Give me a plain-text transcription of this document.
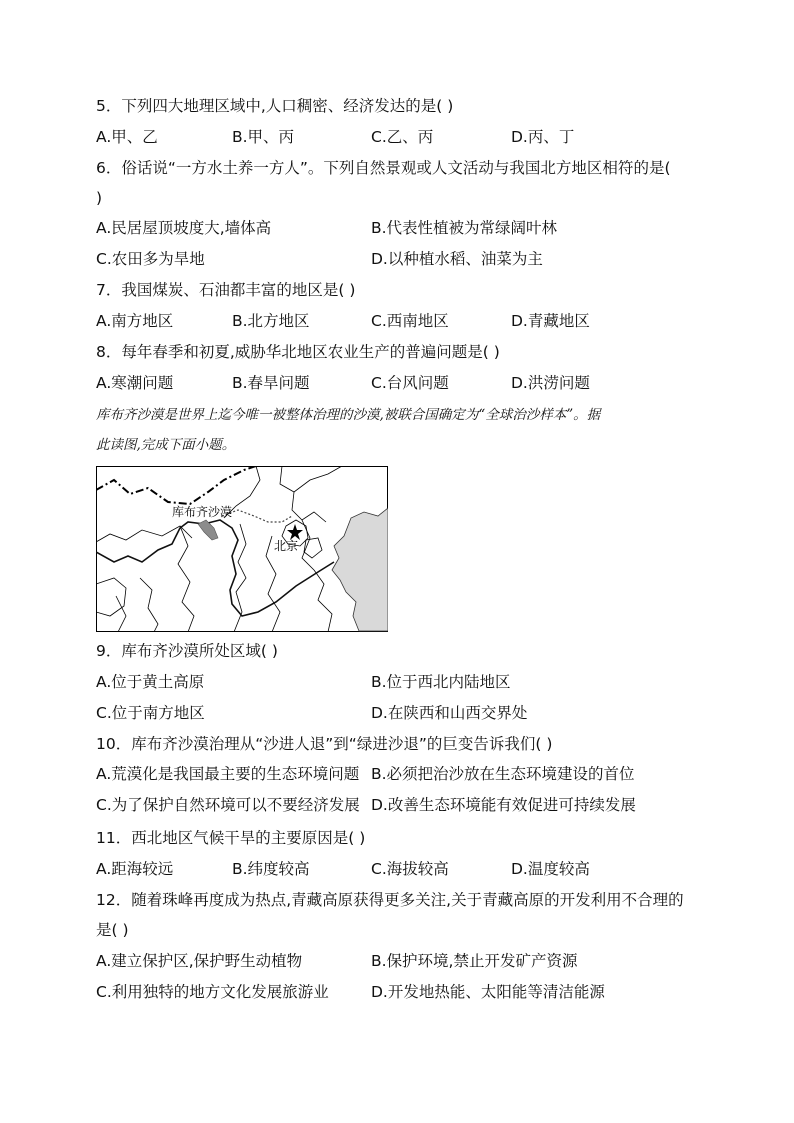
5．下列四大地理区域中,人口稠密、经济发达的是( )
A.甲、乙	B.甲、丙	C.乙、丙	D.丙、丁
6．俗话说“一方水土养一方人”。下列自然景观或人文活动与我国北方地区相符的是(
)
A.民居屋顶坡度大,墙体高	B.代表性植被为常绿阔叶林
C.农田多为旱地	D.以种植水稻、油菜为主
7．我国煤炭、石油都丰富的地区是( )
A.南方地区	B.北方地区	C.西南地区	D.青藏地区
8．每年春季和初夏,威胁华北地区农业生产的普遍问题是( )
A.寒潮问题	B.春旱问题	C.台风问题	D.洪涝问题
库布齐沙漠是世界上迄今唯一被整体治理的沙漠,被联合国确定为“全球治沙样本”。据
此读图,完成下面小题。
库布齐沙漠
北京
9．库布齐沙漠所处区域( )
A.位于黄土高原	B.位于西北内陆地区
C.位于南方地区	D.在陕西和山西交界处
10．库布齐沙漠治理从“沙进人退”到“绿进沙退”的巨变告诉我们( )
A.荒漠化是我国最主要的生态环境问题 B.必须把治沙放在生态环境建设的首位
C.为了保护自然环境可以不要经济发展 D.改善生态环境能有效促进可持续发展
11．西北地区气候干旱的主要原因是( )
A.距海较远	B.纬度较高	C.海拔较高	D.温度较高
12．随着珠峰再度成为热点,青藏高原获得更多关注,关于青藏高原的开发利用不合理的
是( )
A.建立保护区,保护野生动植物	B.保护环境,禁止开发矿产资源
C.利用独特的地方文化发展旅游业	D.开发地热能、太阳能等清洁能源
